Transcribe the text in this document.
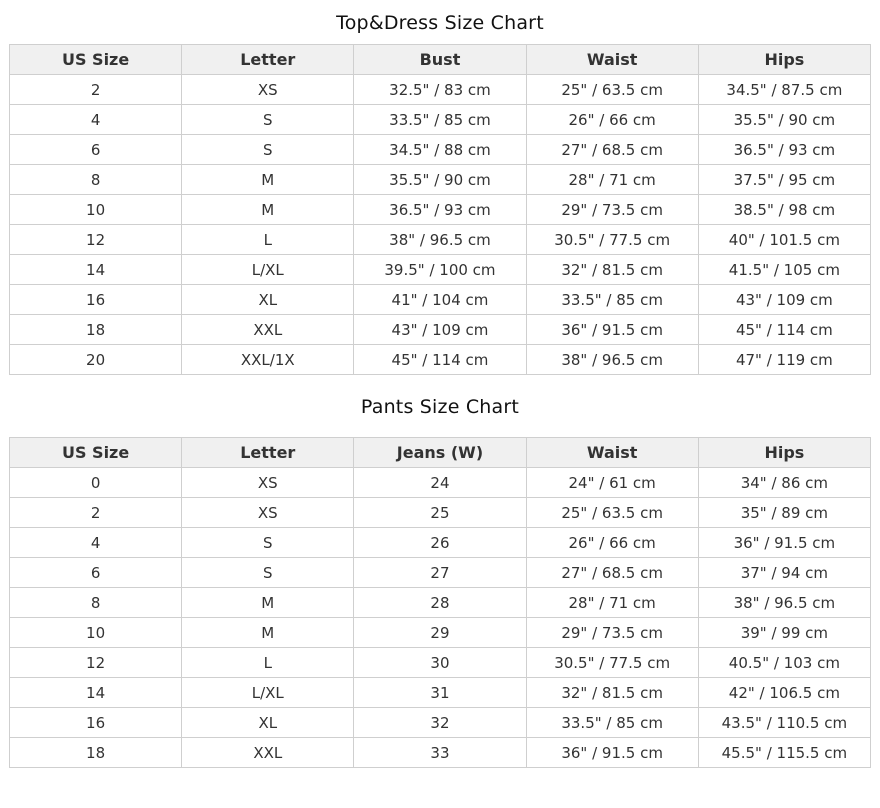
Top&Dress Size Chart
US Size	Letter	Bust	Waist	Hips
2	XS	32.5" / 83 cm	25" / 63.5 cm	34.5" / 87.5 cm
4	S	33.5" / 85 cm	26" / 66 cm	35.5" / 90 cm
6	S	34.5" / 88 cm	27" / 68.5 cm	36.5" / 93 cm
8	M	35.5" / 90 cm	28" / 71 cm	37.5" / 95 cm
10	M	36.5" / 93 cm	29" / 73.5 cm	38.5" / 98 cm
12	L	38" / 96.5 cm	30.5" / 77.5 cm	40" / 101.5 cm
14	L/XL	39.5" / 100 cm	32" / 81.5 cm	41.5" / 105 cm
16	XL	41" / 104 cm	33.5" / 85 cm	43" / 109 cm
18	XXL	43" / 109 cm	36" / 91.5 cm	45" / 114 cm
20	XXL/1X	45" / 114 cm	38" / 96.5 cm	47" / 119 cm
Pants Size Chart
US Size	Letter	Jeans (W)	Waist	Hips
0	XS	24	24" / 61 cm	34" / 86 cm
2	XS	25	25" / 63.5 cm	35" / 89 cm
4	S	26	26" / 66 cm	36" / 91.5 cm
6	S	27	27" / 68.5 cm	37" / 94 cm
8	M	28	28" / 71 cm	38" / 96.5 cm
10	M	29	29" / 73.5 cm	39" / 99 cm
12	L	30	30.5" / 77.5 cm	40.5" / 103 cm
14	L/XL	31	32" / 81.5 cm	42" / 106.5 cm
16	XL	32	33.5" / 85 cm	43.5" / 110.5 cm
18	XXL	33	36" / 91.5 cm	45.5" / 115.5 cm
